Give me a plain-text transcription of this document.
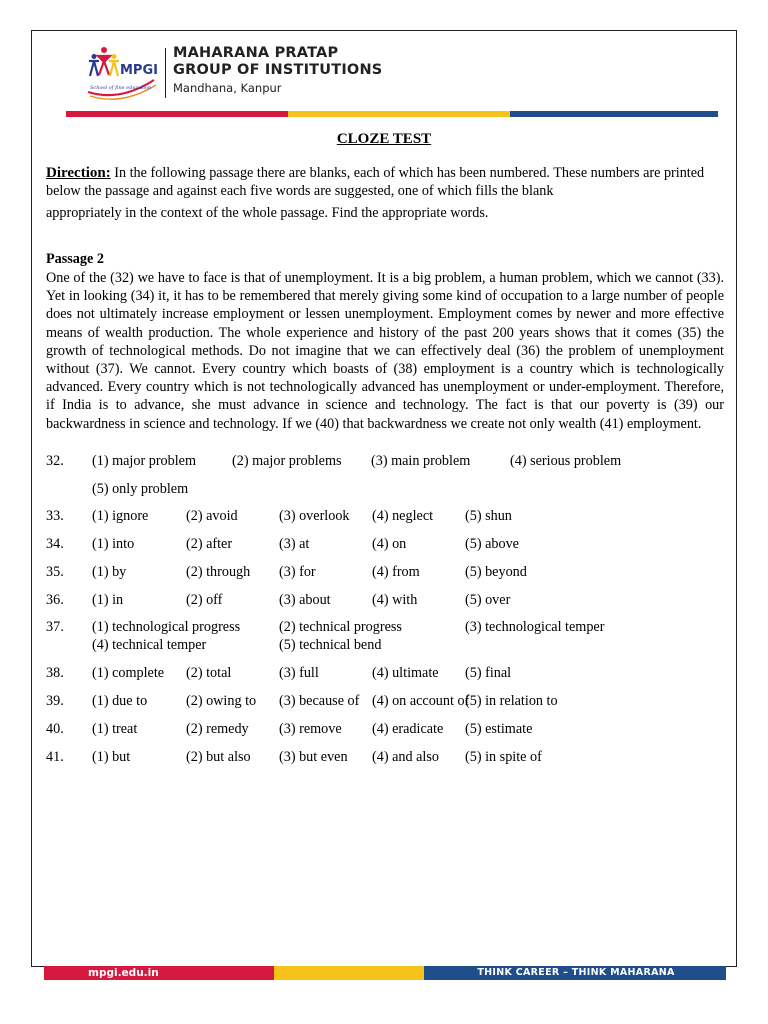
MPGI
School of fine education
MAHARANA PRATAP
GROUP OF INSTITUTIONS
Mandhana, Kanpur
CLOZE TEST
Direction: In the following passage there are blanks, each of which has been numbered. These numbers are printed below the passage and against each five words are suggested, one of which fills the blank
appropriately in the context of the whole passage. Find the appropriate words.
Passage 2
One of the (32) we have to face is that of unemployment. It is a big problem, a human problem, which we cannot (33). Yet in looking (34) it, it has to be remembered that merely giving some kind of occupation to a large number of people does not ultimately increase employment or lessen unemployment. Employment comes by newer and more effective means of wealth production. The whole experience and history of the past 200 years shows that it comes (35) the growth of technological methods. Do not imagine that we can effectively deal (36) the problem of unemployment without (37). We cannot. Every country which boasts of (38) employment is a country which is technologically advanced. Every country which is not technologically advanced has unemployment or under-employment. Therefore, if India is to advance, she must advance in science and technology. The fact is that our poverty is (39) our backwardness in science and technology. If we (40) that backwardness we create not only wealth (41) employment.
32. (1) major problem	(2) major problems (3) main problem	(4) serious problem
(5) only problem
33. (1) ignore	(2) avoid	(3) overlook (4) neglect (5) shun
34. (1) into	(2) after	(3) at	(4) on	(5) above
35. (1) by	(2) through (3) for	(4) from	(5) beyond
36. (1) in	(2) off	(3) about	(4) with	(5) over
37. (1) technological progress	(2) technical progress	(3) technological temper
(4) technical temper	(5) technical bend
38. (1) complete (2) total	(3) full	(4) ultimate (5) final
39. (1) due to	(2) owing to (3) because of (4) on account of
(5) in relation to
40. (1) treat	(2) remedy (3) remove (4) eradicate (5) estimate
41. (1) but	(2) but also (3) but even (4) and also (5) in spite of
mpgi.edu.in	THINK CAREER – THINK MAHARANA
